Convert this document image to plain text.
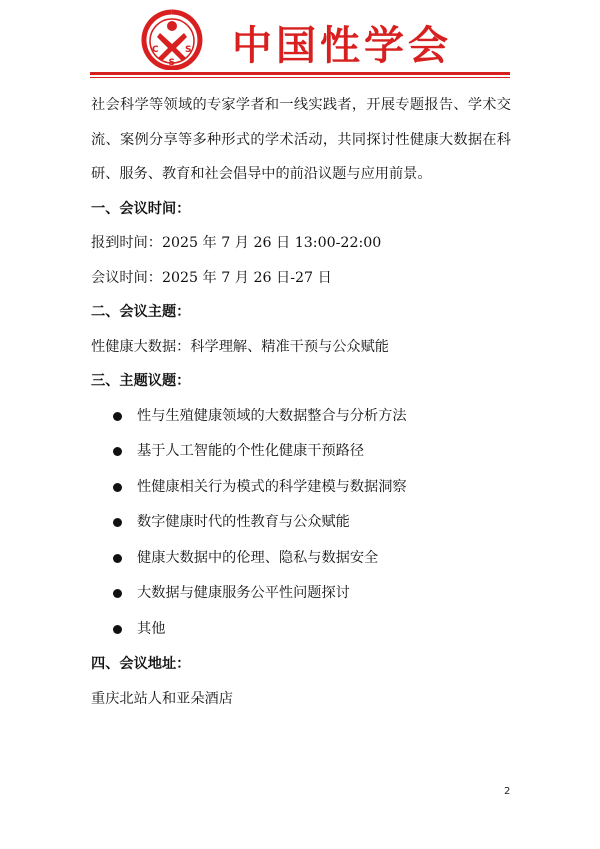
C
S
S 中国性学会

社会科学等领域的专家学者和一线实践者，开展专题报告、学术交流、案例分享等多种形式的学术活动，共同探讨性健康大数据在科研、服务、教育和社会倡导中的前沿议题与应用前景。

一、会议时间：

报到时间：2025 年 7 月 26 日 13:00-22:00

会议时间：2025 年 7 月 26 日-27 日

二、会议主题：

性健康大数据：科学理解、精准干预与公众赋能

三、主题议题：

性与生殖健康领域的大数据整合与分析方法
基于人工智能的个性化健康干预路径
性健康相关行为模式的科学建模与数据洞察
数字健康时代的性教育与公众赋能
健康大数据中的伦理、隐私与数据安全
大数据与健康服务公平性问题探讨
其他

四、会议地址：

重庆北站人和亚朵酒店

2
